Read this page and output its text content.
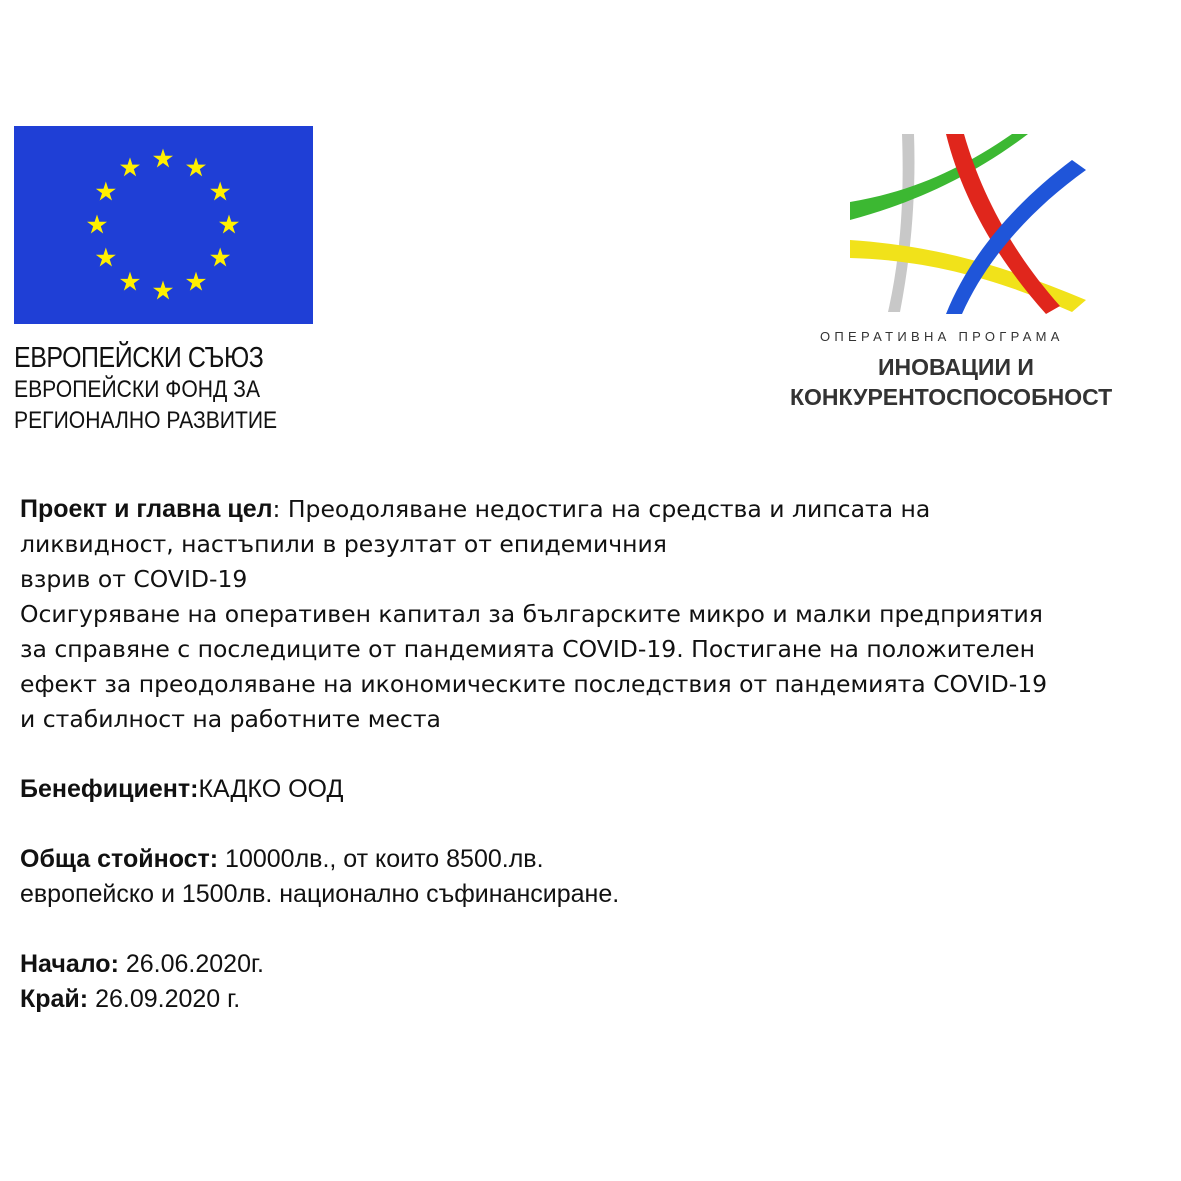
ЕВРОПЕЙСКИ СЪЮЗ
ЕВРОПЕЙСКИ ФОНД ЗА
РЕГИОНАЛНО РАЗВИТИЕ
ОПЕРАТИВНА ПРОГРАМА
ИНОВАЦИИ И
КОНКУРЕНТОСПОСОБНОСТ
Проект и главна цел: Преодоляване недостига на средства и липсата на
ликвидност, настъпили в резултат от епидемичния
взрив от COVID-19
Осигуряване на оперативен капитал за българските микро и малки предприятия
за справяне с последиците от пандемията COVID-19. Постигане на положителен
ефект за преодоляване на икономическите последствия от пандемията COVID-19
и стабилност на работните места
Бенефициент:КАДКО ООД
Обща стойност: 10000лв., от които 8500.лв.
европейско и 1500лв. национално съфинансиране.
Начало: 26.06.2020г.
Край: 26.09.2020 г.
